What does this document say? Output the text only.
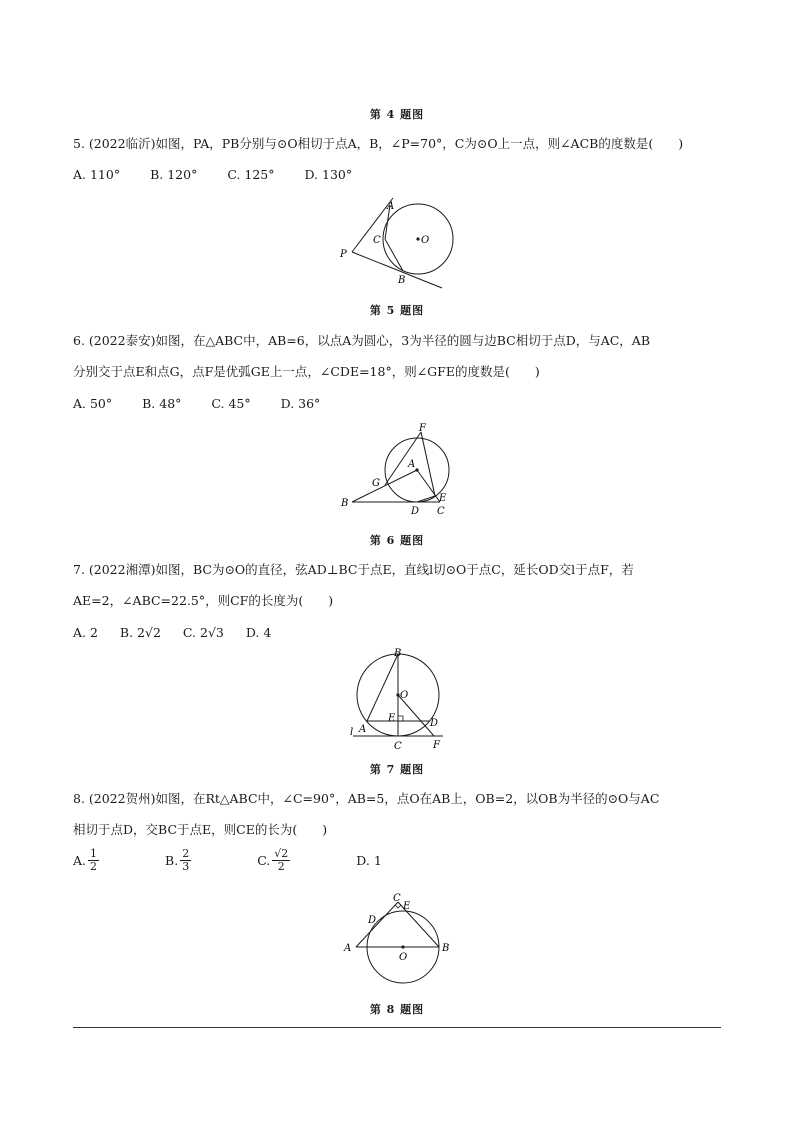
第 4 题图
5. (2022临沂)如图，PA，PB分别与⊙O相切于点A，B，∠P=70°，C为⊙O上一点，则∠ACB的度数是(　　)
A. 110° B. 120° C. 125° D. 130°
A
C	O
P
B
第 5 题图
6. (2022泰安)如图，在△ABC中，AB=6，以点A为圆心，3为半径的圆与边BC相切于点D，与AC，AB
分别交于点E和点G，点F是优弧GE上一点，∠CDE=18°，则∠GFE的度数是(　　)
A. 50° B. 48° C. 45° D. 36°
F
A
G
B	E
D C
第 6 题图
7. (2022湘潭)如图，BC为⊙O的直径，弦AD⊥BC于点E，直线l切⊙O于点C，延长OD交l于点F，若
AE=2，∠ABC=22.5°，则CF的长度为(　　)
A. 2 B. 2√2 C. 2√3 D. 4
B
O
E
A
D
l
C	F
第 7 题图
8. (2022贺州)如图，在Rt△ABC中，∠C=90°，AB=5，点O在AB上，OB=2，以OB为半径的⊙O与AC
相切于点D，交BC于点E，则CE的长为(　　)
A. $\frac{1}{2}$	B. $\frac{2}{3}$	C. $\frac{√2}{2}$	D. 1
C
E
D
A	B
O
第 8 题图
